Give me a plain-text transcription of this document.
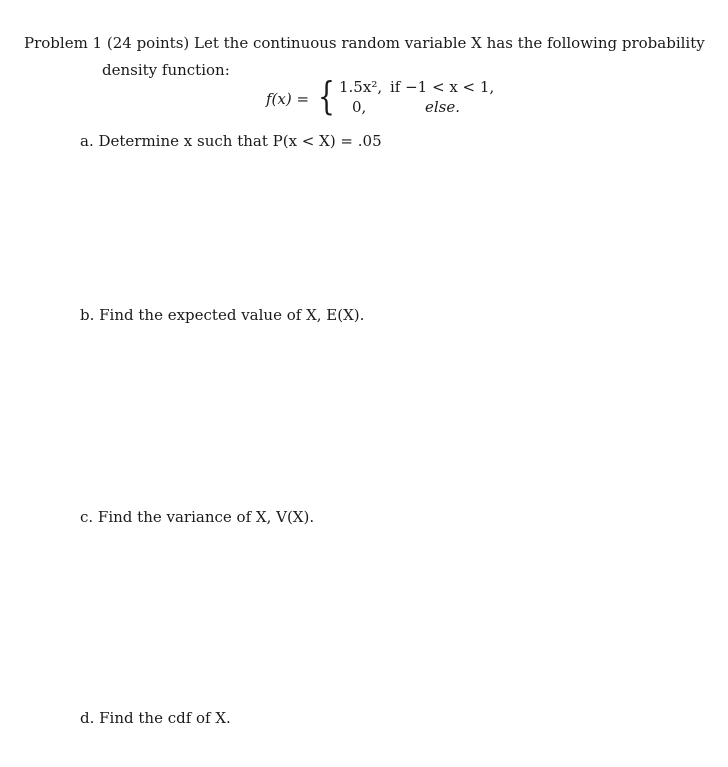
Problem 1 (24 points) Let the continuous random variable X has the following probability
density function:
f(x) = { 1.5x², if −1 < x < 1,
0,	else.
a. Determine x such that P(x < X) = .05
b. Find the expected value of X, E(X).
c. Find the variance of X, V(X).
d. Find the cdf of X.
